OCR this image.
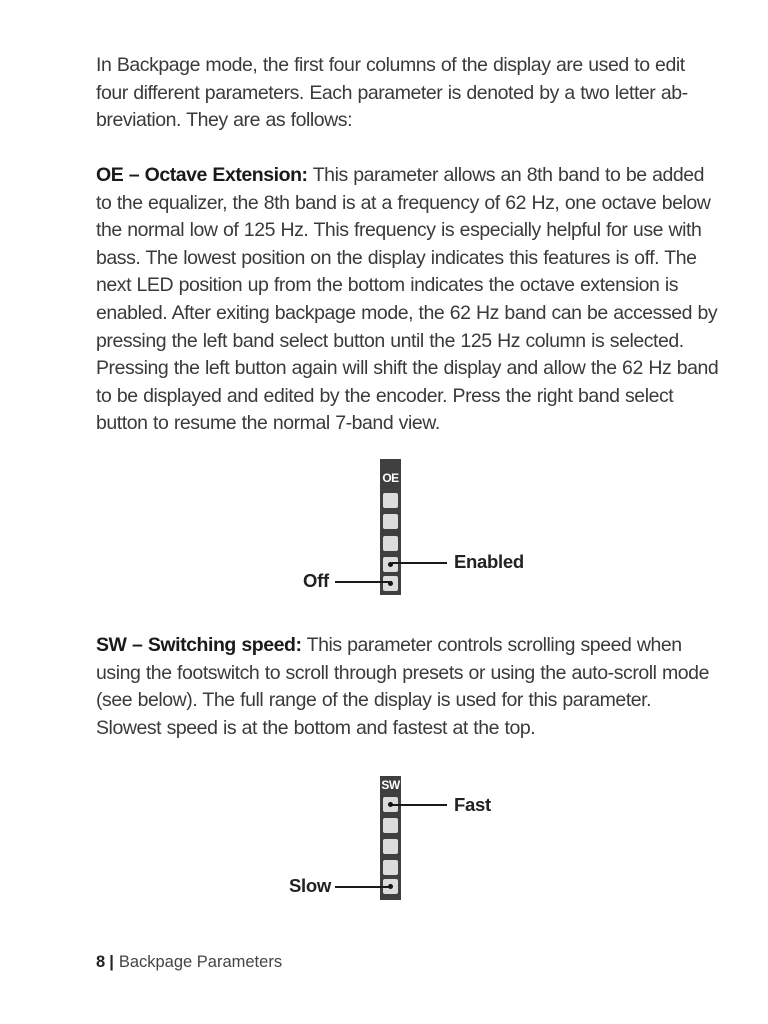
In Backpage mode, the first four columns of the display are used to edit four different parameters. Each parameter is denoted by a two letter ab-breviation. They are as follows:

OE – Octave Extension: This parameter allows an 8th band to be added to the equalizer, the 8th band is at a frequency of 62 Hz, one octave below the normal low of 125 Hz. This frequency is especially helpful for use with bass. The lowest position on the display indicates this features is off. The next LED position up from the bottom indicates the octave extension is enabled. After exiting backpage mode, the 62 Hz band can be accessed by pressing the left band select button until the 125 Hz column is selected. Pressing the left button again will shift the display and allow the 62 Hz band to be displayed and edited by the encoder. Press the right band select button to resume the normal 7-band view.

OE
Enabled
Off

SW – Switching speed: This parameter controls scrolling speed when using the footswitch to scroll through presets or using the auto-scroll mode (see below). The full range of the display is used for this parameter. Slowest speed is at the bottom and fastest at the top.

SW
Fast
Slow
8 | Backpage Parameters
